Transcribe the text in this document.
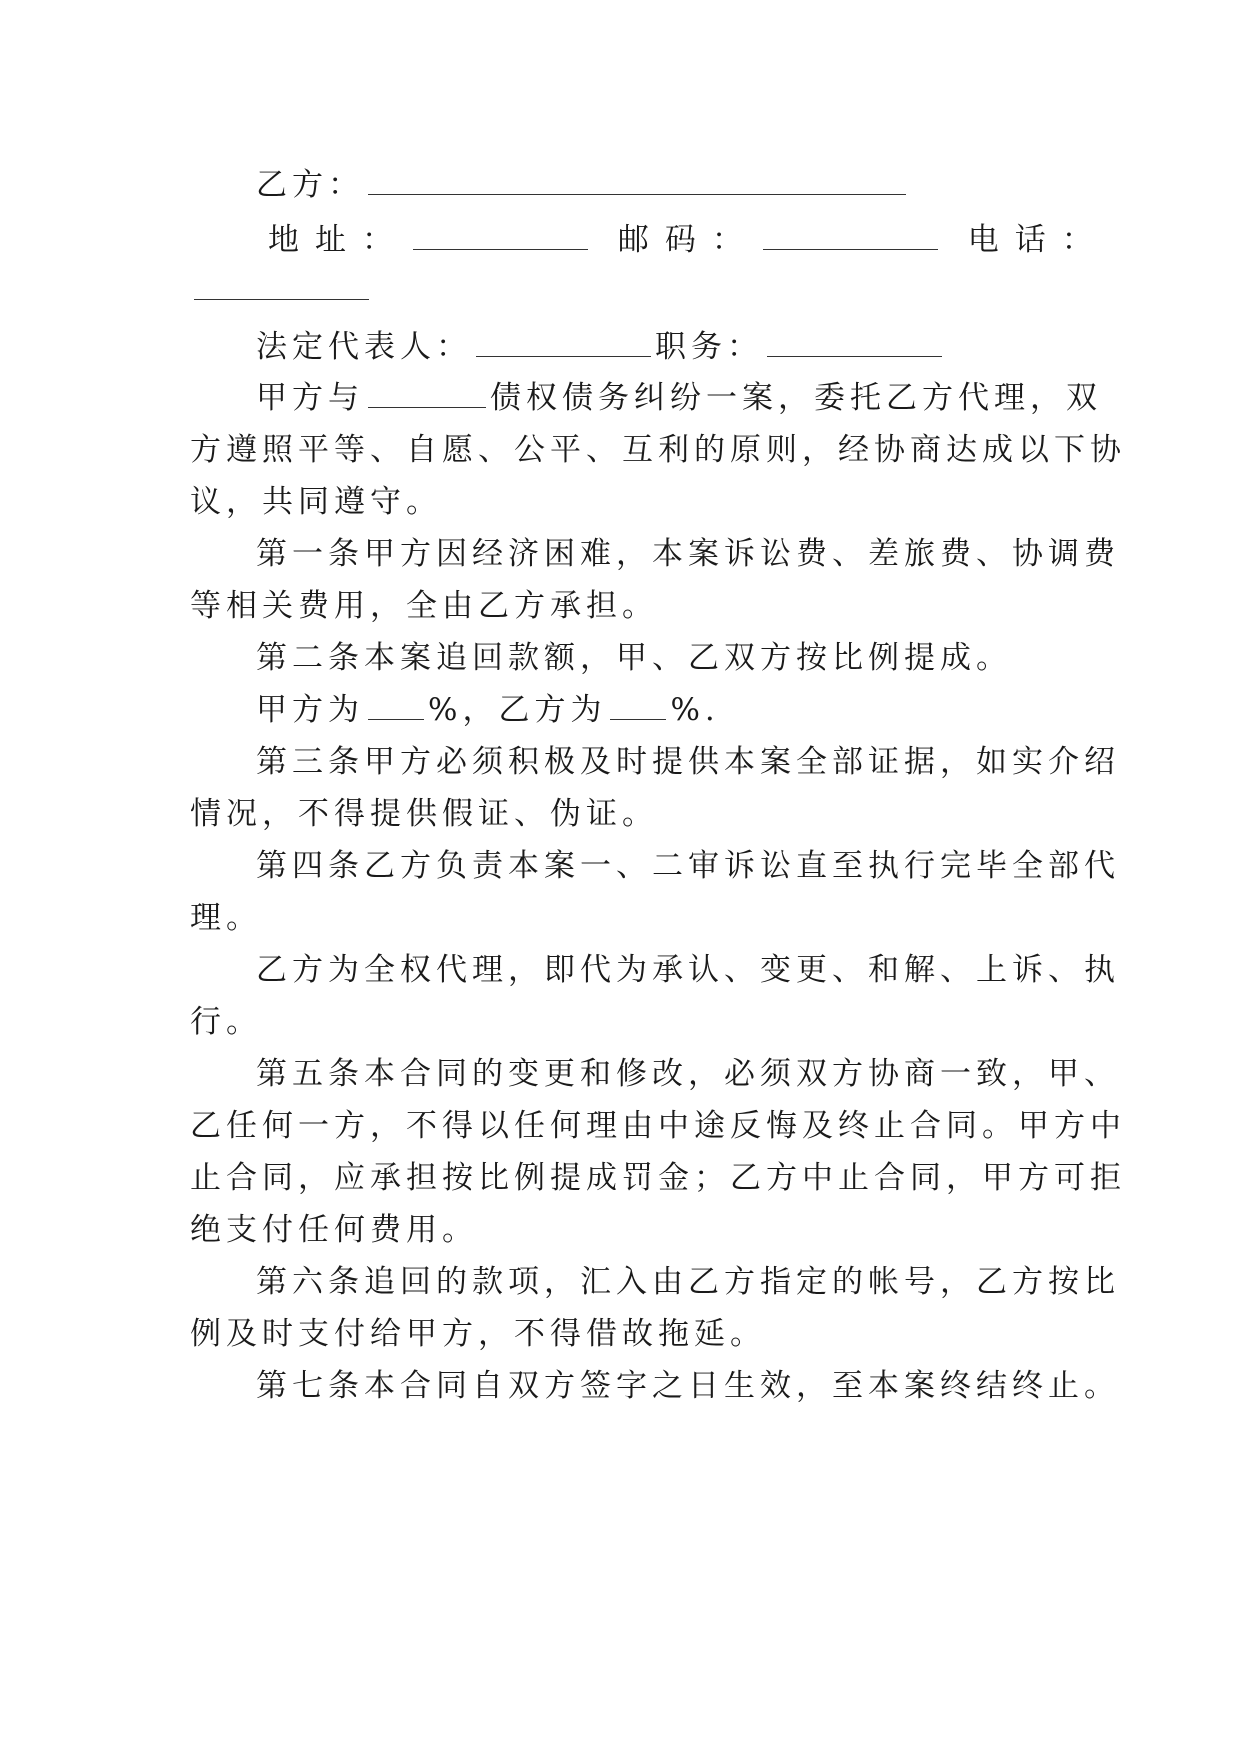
乙方：
地址：	邮码：	电话：
法定代表人：	职务：
甲方与	债权债务纠纷一案，委托乙方代理，双
方遵照平等、自愿、公平、互利的原则，经协商达成以下协
议，共同遵守。
第一条甲方因经济困难，本案诉讼费、差旅费、协调费
等相关费用，全由乙方承担。
第二条本案追回款额，甲、乙双方按比例提成。
甲方为 %，乙方为 %.
第三条甲方必须积极及时提供本案全部证据，如实介绍
情况，不得提供假证、伪证。
第四条乙方负责本案一、二审诉讼直至执行完毕全部代
理。
乙方为全权代理，即代为承认、变更、和解、上诉、执
行。
第五条本合同的变更和修改，必须双方协商一致，甲、
乙任何一方，不得以任何理由中途反悔及终止合同。甲方中
止合同，应承担按比例提成罚金；乙方中止合同，甲方可拒
绝支付任何费用。
第六条追回的款项，汇入由乙方指定的帐号，乙方按比
例及时支付给甲方，不得借故拖延。
第七条本合同自双方签字之日生效，至本案终结终止。
